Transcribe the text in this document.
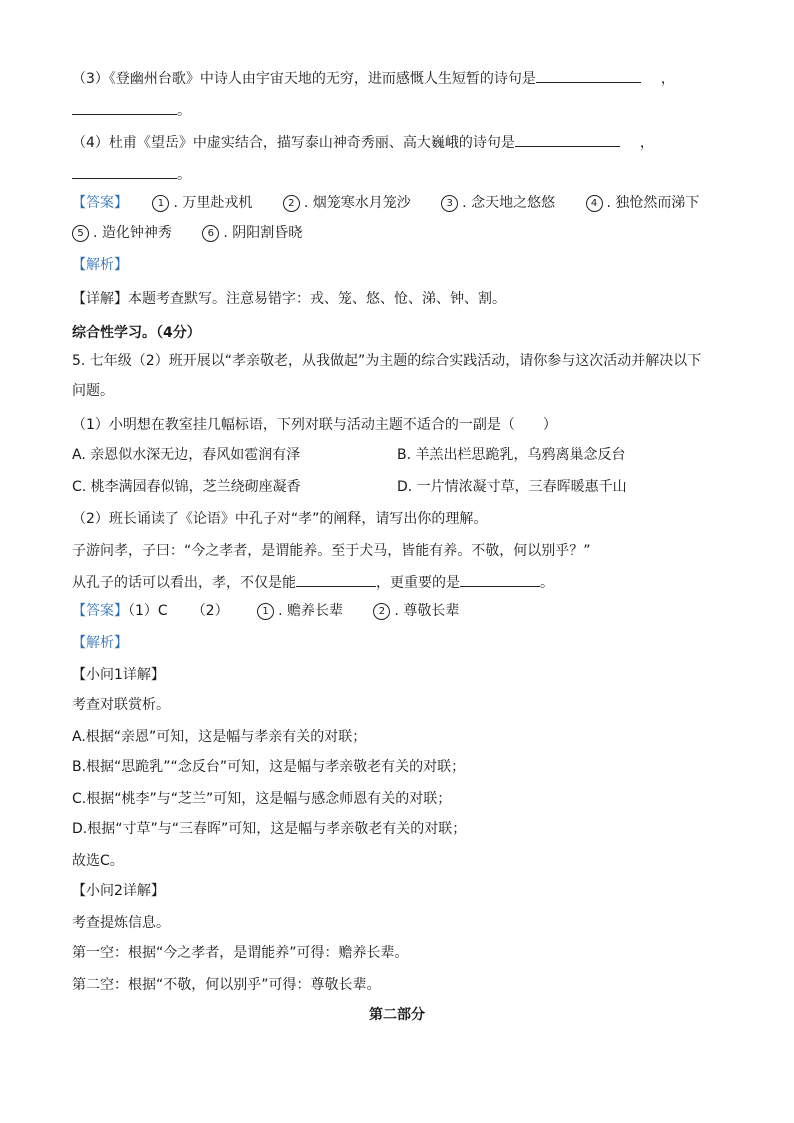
（3）《登幽州台歌》中诗人由宇宙天地的无穷，进而感慨人生短暂的诗句是	，
。
（4）杜甫《望岳》中虚实结合，描写泰山神奇秀丽、高大巍峨的诗句是	，
。
【答案】	1 . 万里赴戎机	2 . 烟笼寒水月笼沙	3 . 念天地之悠悠	4 . 独怆然而涕下
5 . 造化钟神秀	6 . 阴阳割昏晓
【解析】
【详解】本题考查默写。注意易错字：戎、笼、悠、怆、涕、钟、割。
综合性学习。（4分）
5. 七年级（2）班开展以“孝亲敬老，从我做起”为主题的综合实践活动，请你参与这次活动并解决以下
问题。
（1）小明想在教室挂几幅标语，下列对联与活动主题不适合的一副是（　　）
A. 亲恩似水深无边，春风如雹润有泽	B. 羊羔出栏思跪乳，乌鸦离巢念反台
C. 桃李满园春似锦，芝兰绕砌座凝香	D. 一片情浓凝寸草，三春晖暖惠千山
（2）班长诵读了《论语》中孔子对“孝”的阐释，请写出你的理解。
子游问孝，子曰：“今之孝者，是谓能养。至于犬马，皆能有养。不敬，何以别乎？”
从孔子的话可以看出，孝，不仅是能	，更重要的是	。
【答案】（1）C （2）	1 . 赡养长辈	2 . 尊敬长辈
【解析】
【小问1详解】
考查对联赏析。
A.根据“亲恩”可知，这是幅与孝亲有关的对联；
B.根据“思跪乳”“念反台”可知，这是幅与孝亲敬老有关的对联；
C.根据“桃李”与“芝兰”可知，这是幅与感念师恩有关的对联；
D.根据“寸草”与“三春晖”可知，这是幅与孝亲敬老有关的对联；
故选C。
【小问2详解】
考查提炼信息。
第一空：根据“今之孝者，是谓能养”可得：赡养长辈。
第二空：根据“不敬，何以别乎”可得：尊敬长辈。
第二部分
